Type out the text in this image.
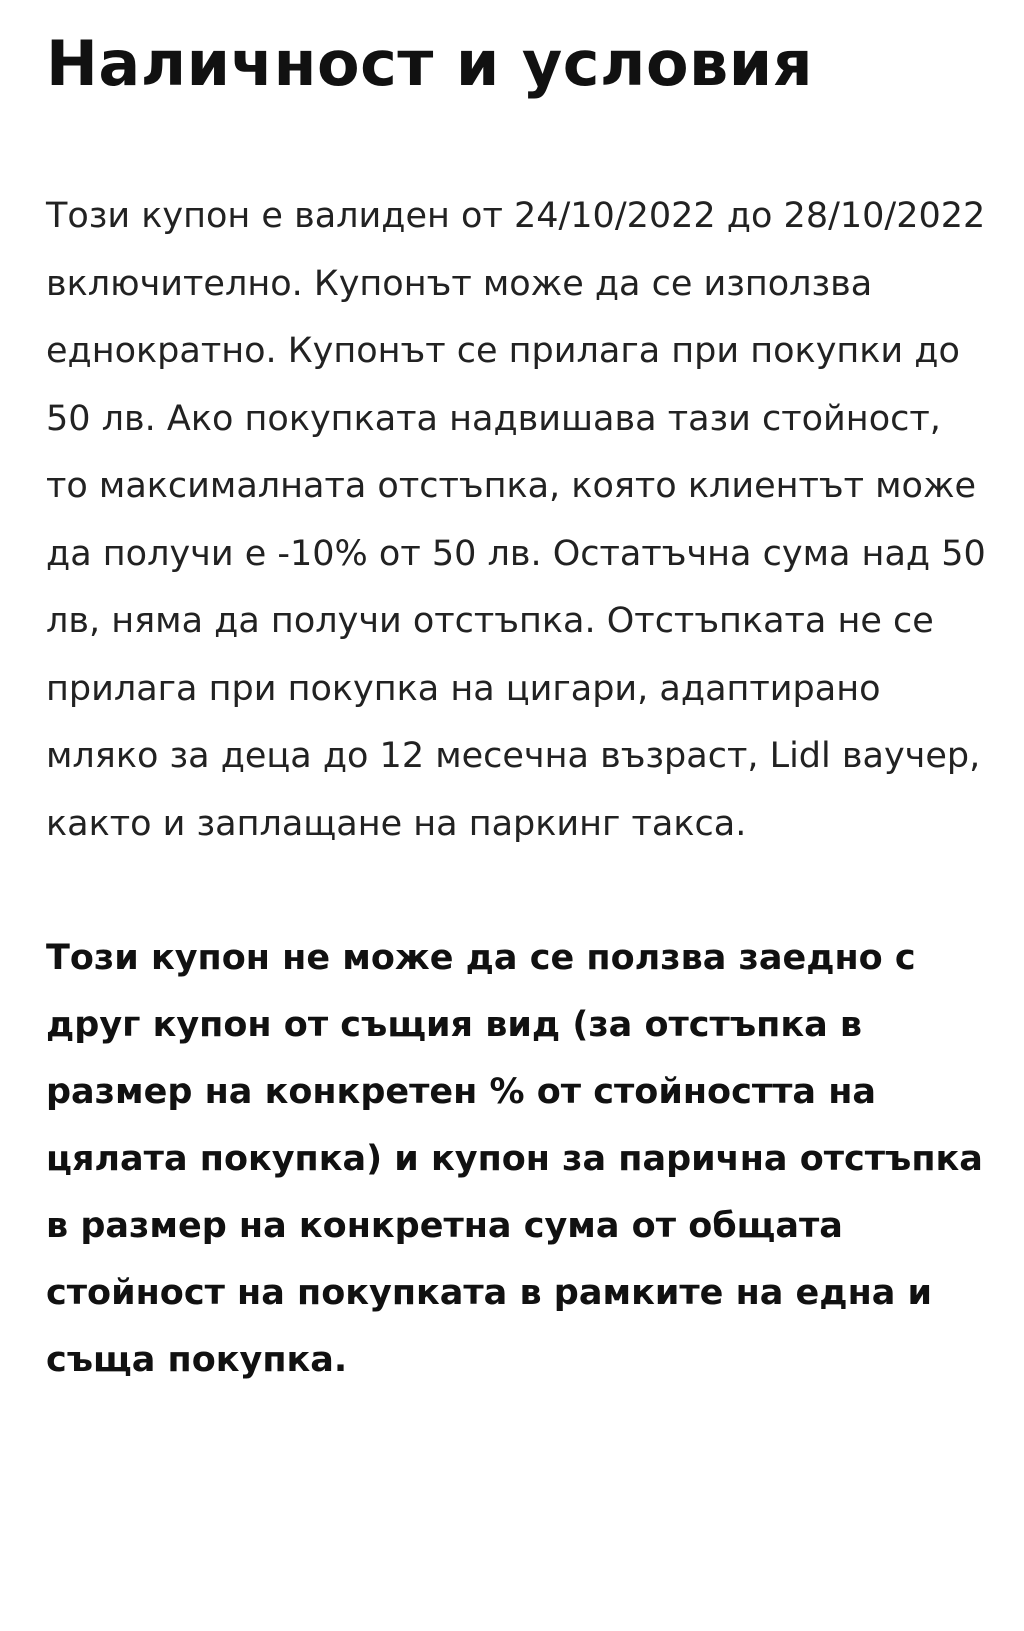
Наличност и условия

Този купон е валиден от 24/10/2022 до 28/10/2022 включително. Купонът може да се използва еднократно. Купонът се прилага при покупки до 50 лв. Ако покупката надвишава тази стойност, то максималната отстъпка, която клиентът може да получи е -10% от 50 лв. Остатъчна сума над 50 лв, няма да получи отстъпка. Отстъпката не се прилага при покупка на цигари, адаптирано мляко за деца до 12 месечна възраст, Lidl ваучер, както и заплащане на паркинг такса.

Този купон не може да се ползва заедно с друг купон от същия вид (за отстъпка в размер на конкретен % от стойността на цялата покупка) и купон за парична отстъпка в размер на конкретна сума от общата стойност на покупката в рамките на една и съща покупка.
